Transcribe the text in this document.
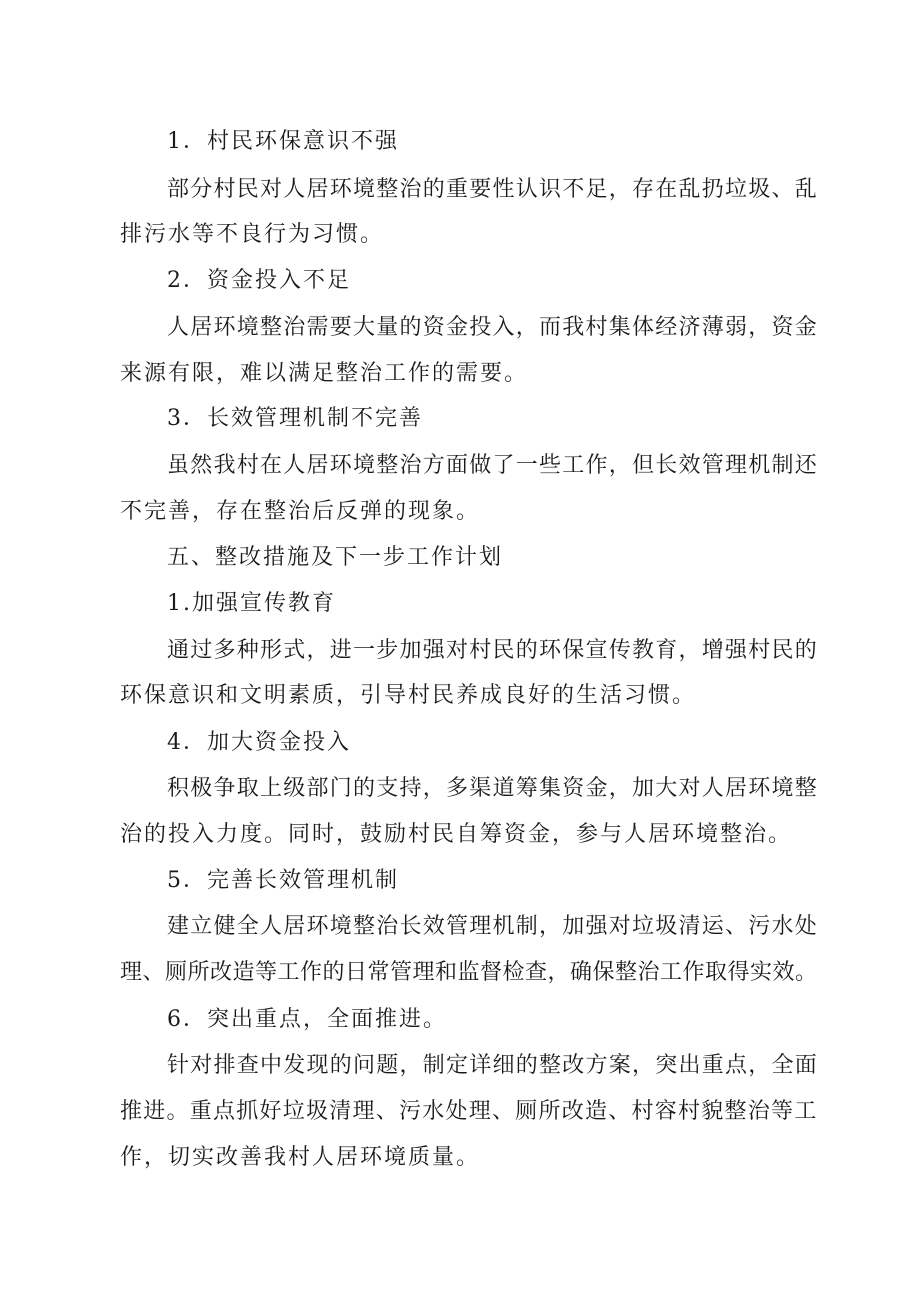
1．村民环保意识不强
部分村民对人居环境整治的重要性认识不足，存在乱扔垃圾、乱
排污水等不良行为习惯。
2．资金投入不足
人居环境整治需要大量的资金投入，而我村集体经济薄弱，资金
来源有限，难以满足整治工作的需要。
3．长效管理机制不完善
虽然我村在人居环境整治方面做了一些工作，但长效管理机制还
不完善，存在整治后反弹的现象。
五、整改措施及下一步工作计划
1.加强宣传教育
通过多种形式，进一步加强对村民的环保宣传教育，增强村民的
环保意识和文明素质，引导村民养成良好的生活习惯。
4．加大资金投入
积极争取上级部门的支持，多渠道筹集资金，加大对人居环境整
治的投入力度。同时，鼓励村民自筹资金，参与人居环境整治。
5．完善长效管理机制
建立健全人居环境整治长效管理机制，加强对垃圾清运、污水处
理、厕所改造等工作的日常管理和监督检查，确保整治工作取得实效。
6．突出重点，全面推进。
针对排查中发现的问题，制定详细的整改方案，突出重点，全面
推进。重点抓好垃圾清理、污水处理、厕所改造、村容村貌整治等工
作，切实改善我村人居环境质量。
